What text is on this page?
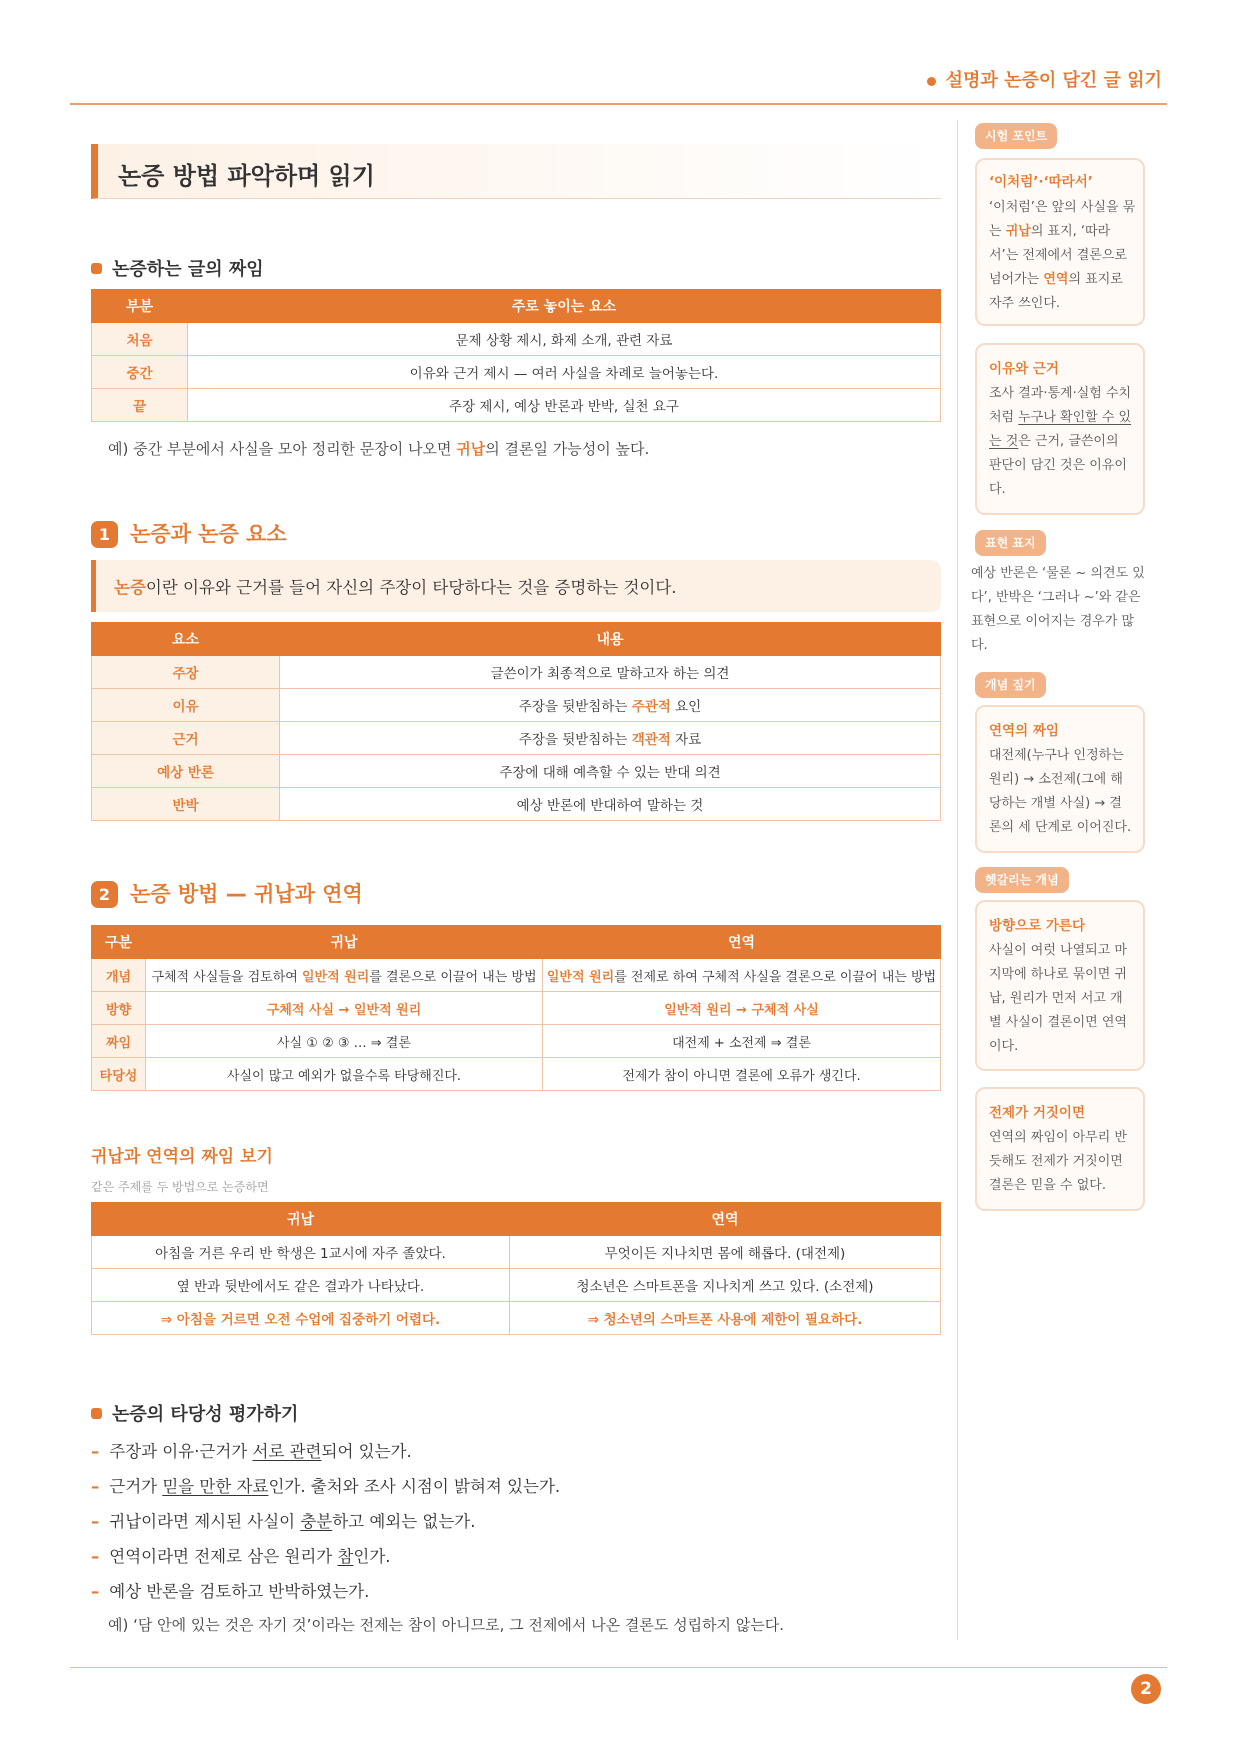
설명과 논증이 담긴 글 읽기
논증 방법 파악하며 읽기
논증하는 글의 짜임
부분	주로 놓이는 요소
처음	문제 상황 제시, 화제 소개, 관련 자료
중간	이유와 근거 제시 — 여러 사실을 차례로 늘어놓는다.
끝	주장 제시, 예상 반론과 반박, 실천 요구
예) 중간 부분에서 사실을 모아 정리한 문장이 나오면 귀납의 결론일 가능성이 높다.
1 논증과 논증 요소
논증이란 이유와 근거를 들어 자신의 주장이 타당하다는 것을 증명하는 것이다.
요소	내용
주장	글쓴이가 최종적으로 말하고자 하는 의견
이유	주장을 뒷받침하는 주관적 요인
근거	주장을 뒷받침하는 객관적 자료
예상 반론	주장에 대해 예측할 수 있는 반대 의견
반박	예상 반론에 반대하여 말하는 것
2 논증 방법 — 귀납과 연역
구분	귀납	연역
개념	구체적 사실들을 검토하여 일반적 원리를 결론으로 이끌어 내는 방법	일반적 원리를 전제로 하여 구체적 사실을 결론으로 이끌어 내는 방법
방향	구체적 사실 → 일반적 원리	일반적 원리 → 구체적 사실
짜임	사실 ① ② ③ … ⇒ 결론	대전제 + 소전제 ⇒ 결론
타당성	사실이 많고 예외가 없을수록 타당해진다.	전제가 참이 아니면 결론에 오류가 생긴다.
귀납과 연역의 짜임 보기
같은 주제를 두 방법으로 논증하면
귀납	연역
아침을 거른 우리 반 학생은 1교시에 자주 졸았다.	무엇이든 지나치면 몸에 해롭다. (대전제)
옆 반과 뒷반에서도 같은 결과가 나타났다.	청소년은 스마트폰을 지나치게 쓰고 있다. (소전제)
⇒ 아침을 거르면 오전 수업에 집중하기 어렵다.	⇒ 청소년의 스마트폰 사용에 제한이 필요하다.
논증의 타당성 평가하기
– 주장과 이유·근거가 서로 관련되어 있는가.
– 근거가 믿을 만한 자료인가. 출처와 조사 시점이 밝혀져 있는가.
– 귀납이라면 제시된 사실이 충분하고 예외는 없는가.
– 연역이라면 전제로 삼은 원리가 참인가.
– 예상 반론을 검토하고 반박하였는가.
예) ‘담 안에 있는 것은 자기 것’이라는 전제는 참이 아니므로, 그 전제에서 나온 결론도 성립하지 않는다.
시험 포인트
‘이처럼’·‘따라서’
‘이처럼’은 앞의 사실을 묶
는 귀납의 표지, ‘따라
서’는 전제에서 결론으로
넘어가는 연역의 표지로
자주 쓰인다.
이유와 근거
조사 결과·통계·실험 수치
처럼 누구나 확인할 수 있
는 것은 근거, 글쓴이의
판단이 담긴 것은 이유이
다.
표현 표지
예상 반론은 ‘물론 ~ 의견도 있
다’, 반박은 ‘그러나 ~’와 같은
표현으로 이어지는 경우가 많
다.
개념 짚기
연역의 짜임
대전제(누구나 인정하는
원리) → 소전제(그에 해
당하는 개별 사실) → 결
론의 세 단계로 이어진다.
헷갈리는 개념
방향으로 가른다
사실이 여럿 나열되고 마
지막에 하나로 묶이면 귀
납, 원리가 먼저 서고 개
별 사실이 결론이면 연역
이다.
전제가 거짓이면
연역의 짜임이 아무리 반
듯해도 전제가 거짓이면
결론은 믿을 수 없다.
2
